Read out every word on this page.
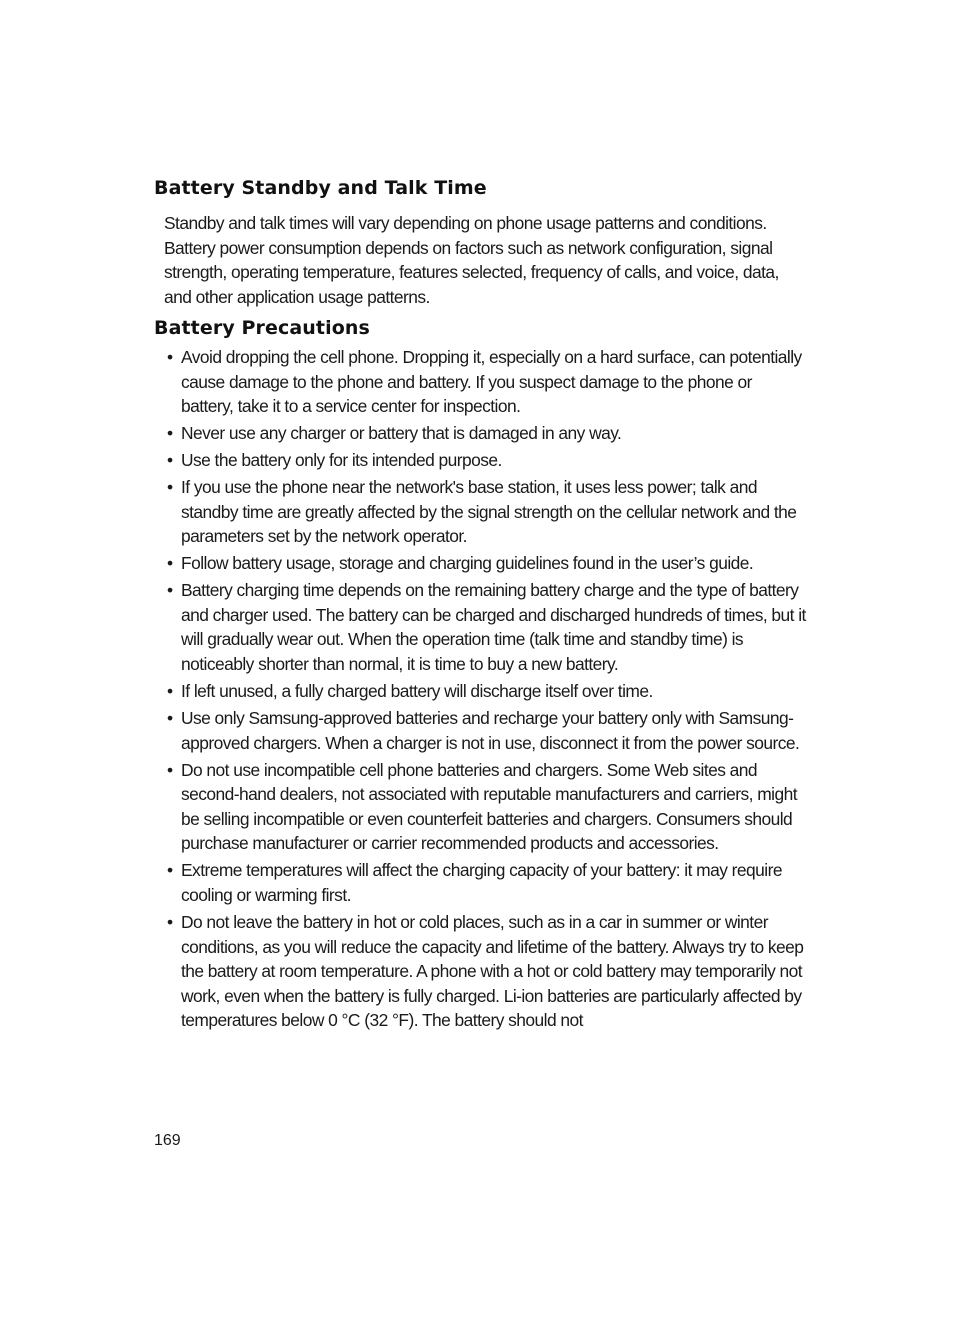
Battery Standby and Talk Time

Standby and talk times will vary depending on phone usage patterns and conditions. Battery power consumption depends on factors such as network configuration, signal strength, operating temperature, features selected, frequency of calls, and voice, data, and other application usage patterns.

Battery Precautions
• Avoid dropping the cell phone. Dropping it, especially on a hard surface, can potentially cause damage to the phone and battery. If you suspect damage to the phone or battery, take it to a service center for inspection.
• Never use any charger or battery that is damaged in any way.
• Use the battery only for its intended purpose.
• If you use the phone near the network's base station, it uses less power; talk and standby time are greatly affected by the signal strength on the cellular network and the parameters set by the network operator.
• Follow battery usage, storage and charging guidelines found in the user’s guide.
• Battery charging time depends on the remaining battery charge and the type of battery and charger used. The battery can be charged and discharged hundreds of times, but it will gradually wear out. When the operation time (talk time and standby time) is noticeably shorter than normal, it is time to buy a new battery.
• If left unused, a fully charged battery will discharge itself over time.
• Use only Samsung-approved batteries and recharge your battery only with Samsung-approved chargers. When a charger is not in use, disconnect it from the power source.
• Do not use incompatible cell phone batteries and chargers. Some Web sites and second-hand dealers, not associated with reputable manufacturers and carriers, might be selling incompatible or even counterfeit batteries and chargers. Consumers should purchase manufacturer or carrier recommended products and accessories.
• Extreme temperatures will affect the charging capacity of your battery: it may require cooling or warming first.
• Do not leave the battery in hot or cold places, such as in a car in summer or winter conditions, as you will reduce the capacity and lifetime of the battery. Always try to keep the battery at room temperature. A phone with a hot or cold battery may temporarily not work, even when the battery is fully charged. Li-ion batteries are particularly affected by temperatures below 0 °C (32 °F). The battery should not

169
